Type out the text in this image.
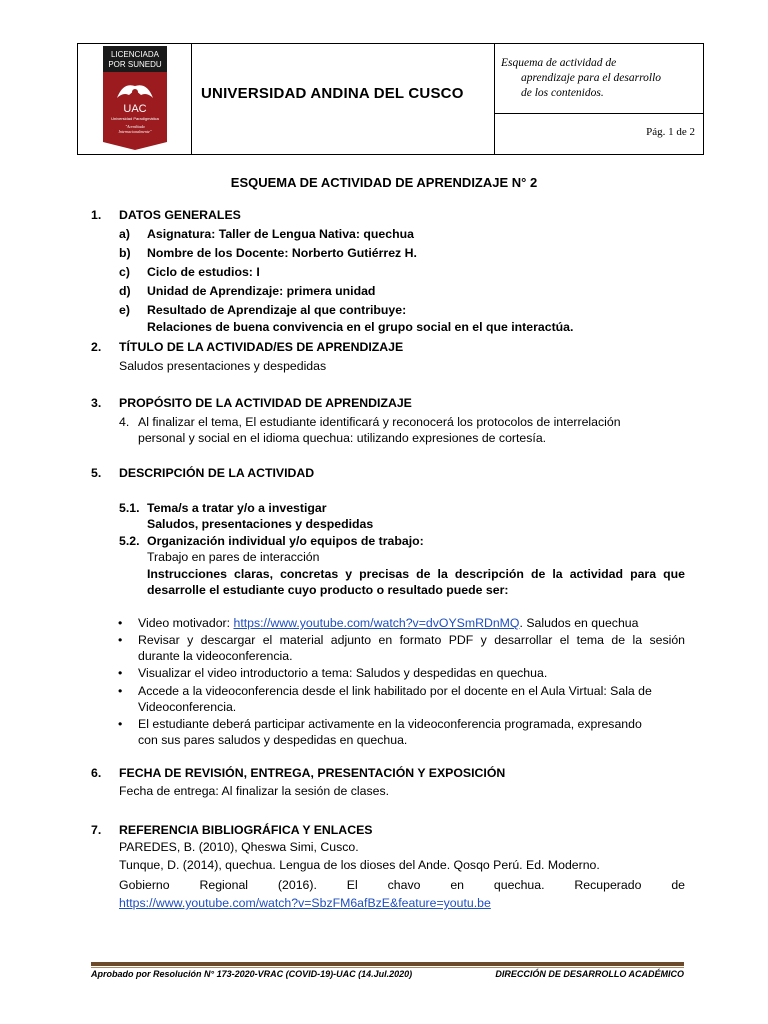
LICENCIADA
POR SUNEDU
UAC
Universidad Paradigmática
"Acreditada
Internacionalmente"
UNIVERSIDAD ANDINA DEL CUSCO
Esquema de actividad de
aprendizaje para el desarrollo
de los contenidos.
Pág. 1 de 2
ESQUEMA DE ACTIVIDAD DE APRENDIZAJE N° 2
1. DATOS GENERALES
a) Asignatura: Taller de Lengua Nativa: quechua
b) Nombre de los Docente: Norberto Gutiérrez H.
c) Ciclo de estudios: I
d) Unidad de Aprendizaje: primera unidad
e) Resultado de Aprendizaje al que contribuye:
Relaciones de buena convivencia en el grupo social en el que interactúa.
2. TÍTULO DE LA ACTIVIDAD/ES DE APRENDIZAJE
Saludos presentaciones y despedidas
3. PROPÓSITO DE LA ACTIVIDAD DE APRENDIZAJE
4. Al finalizar el tema, El estudiante identificará y reconocerá los protocolos de interrelación
personal y social en el idioma quechua: utilizando expresiones de cortesía.
5. DESCRIPCIÓN DE LA ACTIVIDAD
5.1. Tema/s a tratar y/o a investigar
Saludos, presentaciones y despedidas
5.2. Organización individual y/o equipos de trabajo:
Trabajo en pares de interacción
Instrucciones claras, concretas y precisas de la descripción de la actividad para que
desarrolle el estudiante cuyo producto o resultado puede ser:
• Video motivador: https://www.youtube.com/watch?v=dvOYSmRDnMQ. Saludos en quechua
• Revisar y descargar el material adjunto en formato PDF y desarrollar el tema de la sesión
durante la videoconferencia.
• Visualizar el video introductorio a tema: Saludos y despedidas en quechua.
• Accede a la videoconferencia desde el link habilitado por el docente en el Aula Virtual: Sala de
Videoconferencia.
• El estudiante deberá participar activamente en la videoconferencia programada, expresando
con sus pares saludos y despedidas en quechua.
6. FECHA DE REVISIÓN, ENTREGA, PRESENTACIÓN Y EXPOSICIÓN
Fecha de entrega: Al finalizar la sesión de clases.
7. REFERENCIA BIBLIOGRÁFICA Y ENLACES
PAREDES, B. (2010), Qheswa Simi, Cusco.
Tunque, D. (2014), quechua. Lengua de los dioses del Ande. Qosqo Perú. Ed. Moderno.
Gobierno Regional (2016). El chavo en quechua. Recuperado de
https://www.youtube.com/watch?v=SbzFM6afBzE&feature=youtu.be
Aprobado por Resolución N° 173-2020-VRAC (COVID-19)-UAC (14.Jul.2020)	DIRECCIÓN DE DESARROLLO ACADÉMICO
